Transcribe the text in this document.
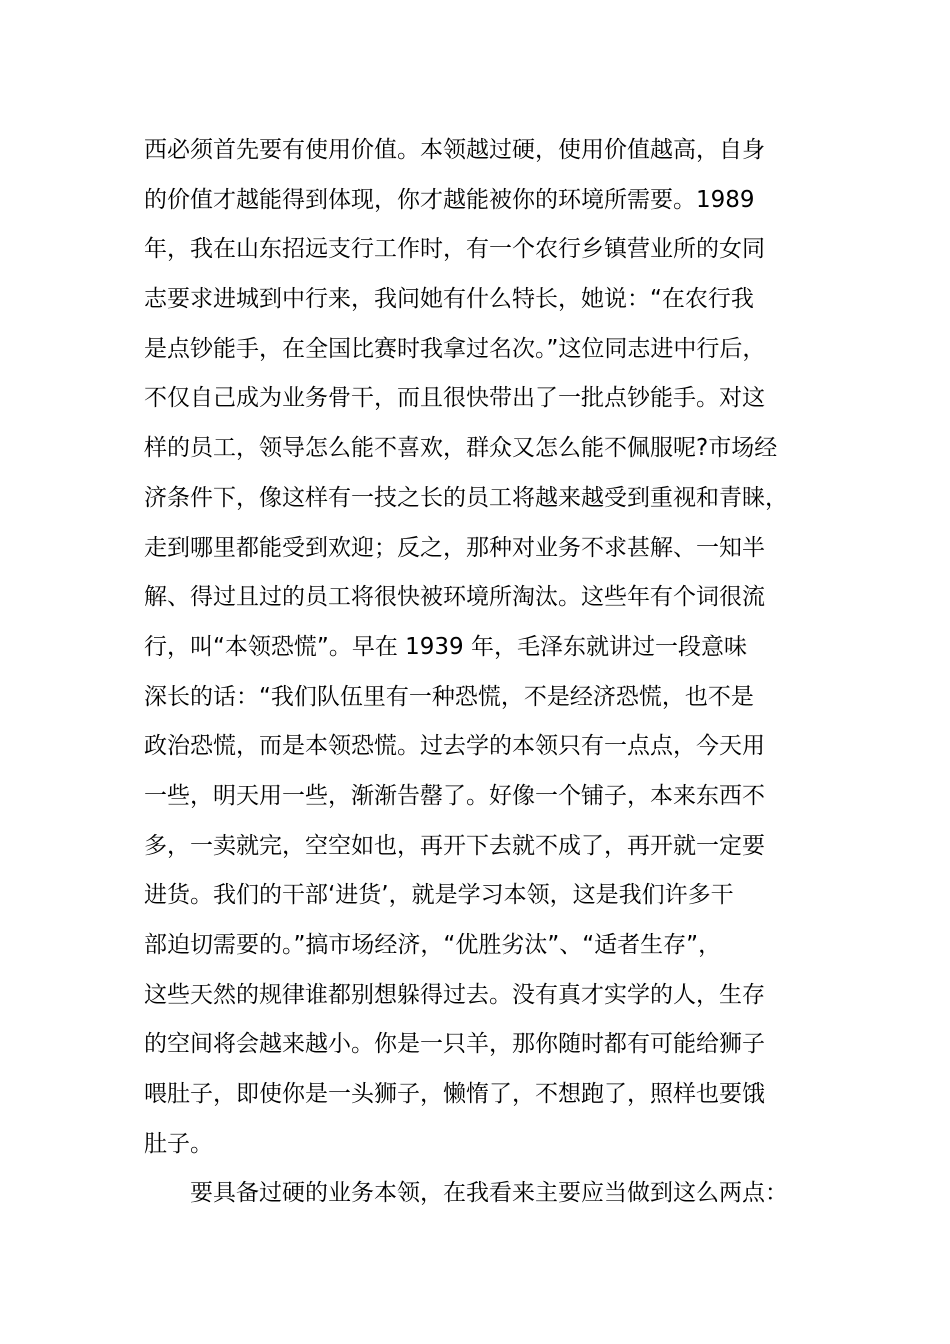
西必须首先要有使用价值。本领越过硬，使用价值越高，自身
的价值才越能得到体现，你才越能被你的环境所需要。1989
年，我在山东招远支行工作时，有一个农行乡镇营业所的女同
志要求进城到中行来，我问她有什么特长，她说：“在农行我
是点钞能手，在全国比赛时我拿过名次。”这位同志进中行后，
不仅自己成为业务骨干，而且很快带出了一批点钞能手。对这
样的员工，领导怎么能不喜欢，群众又怎么能不佩服呢?市场经
济条件下，像这样有一技之长的员工将越来越受到重视和青睐，
走到哪里都能受到欢迎；反之，那种对业务不求甚解、一知半
解、得过且过的员工将很快被环境所淘汰。这些年有个词很流
行，叫“本领恐慌”。早在 1939 年，毛泽东就讲过一段意味
深长的话：“我们队伍里有一种恐慌，不是经济恐慌，也不是
政治恐慌，而是本领恐慌。过去学的本领只有一点点，今天用
一些，明天用一些，渐渐告罄了。好像一个铺子，本来东西不
多，一卖就完，空空如也，再开下去就不成了，再开就一定要
进货。我们的干部‘进货’，就是学习本领，这是我们许多干
部迫切需要的。”搞市场经济，“优胜劣汰”、“适者生存”，
这些天然的规律谁都别想躲得过去。没有真才实学的人，生存
的空间将会越来越小。你是一只羊，那你随时都有可能给狮子
喂肚子，即使你是一头狮子，懒惰了，不想跑了，照样也要饿
肚子。
要具备过硬的业务本领，在我看来主要应当做到这么两点：
